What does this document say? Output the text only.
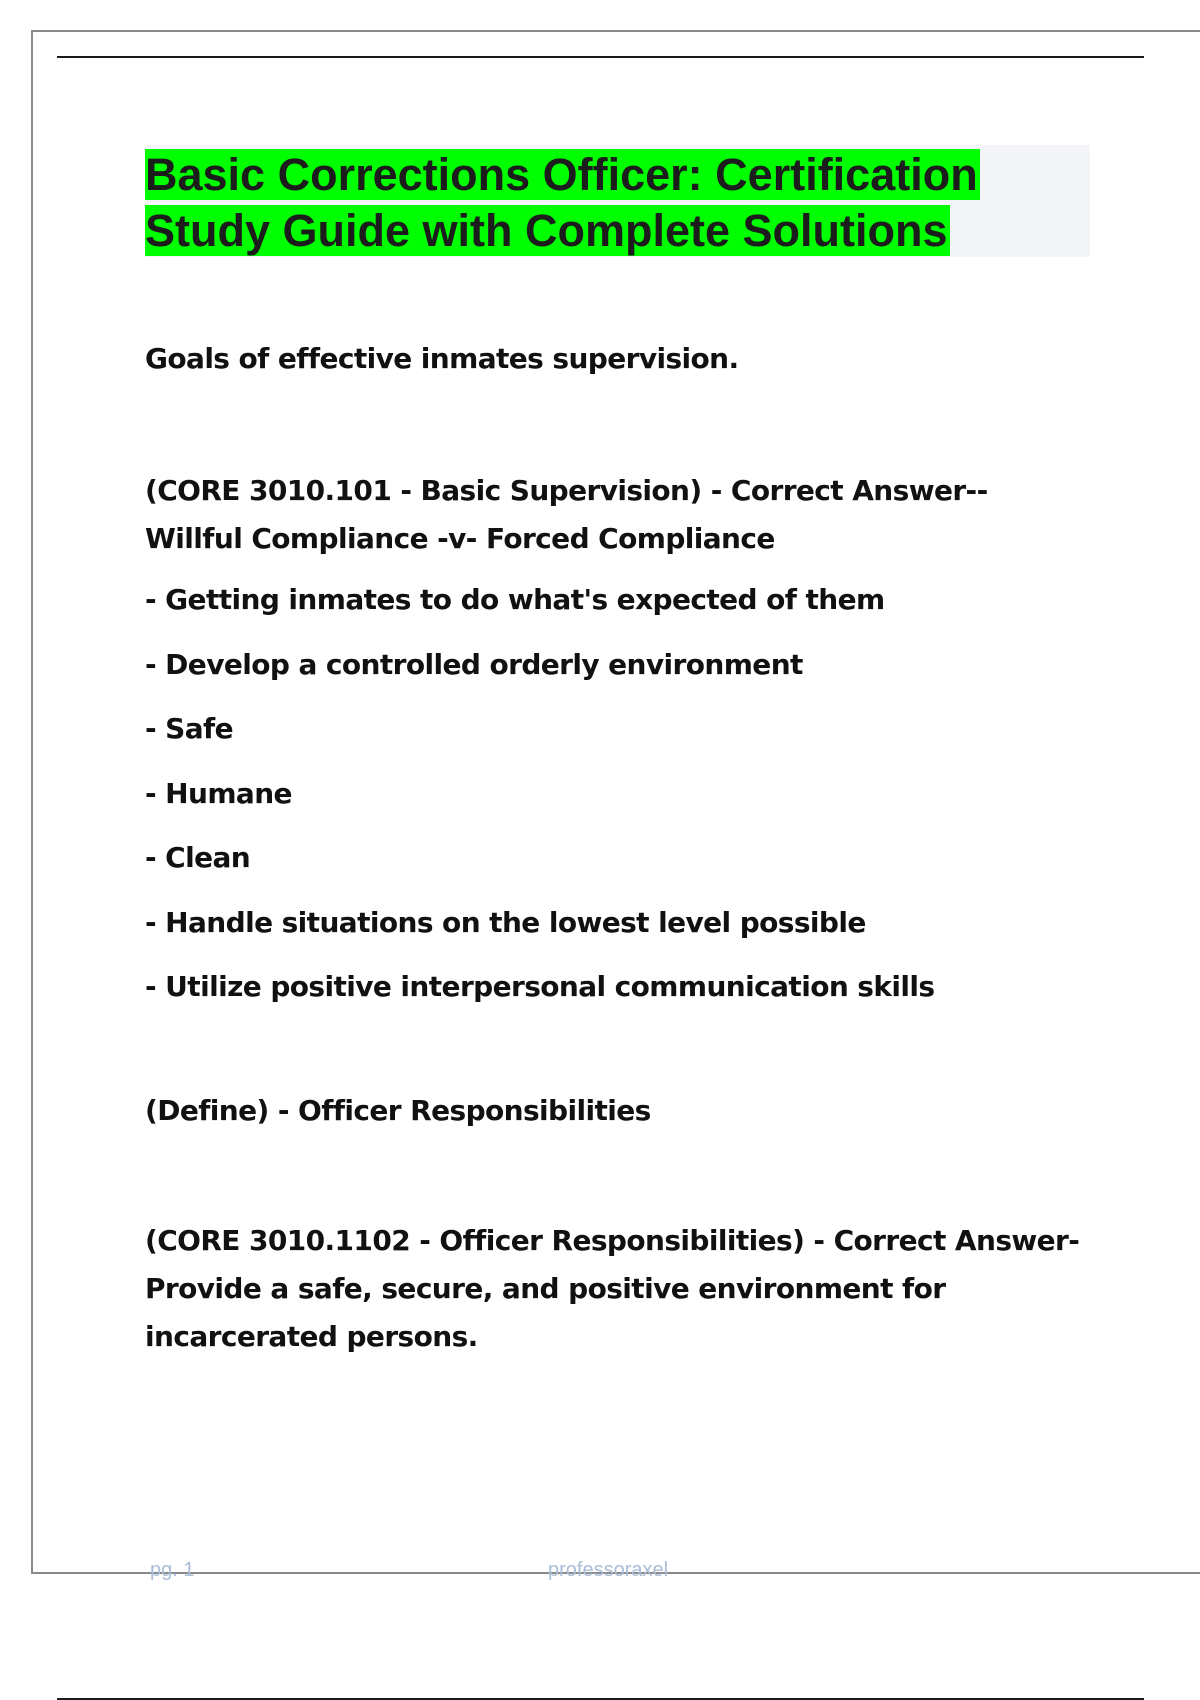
Basic Corrections Officer: Certification
Study Guide with Complete Solutions
Goals of effective inmates supervision.
(CORE 3010.101 - Basic Supervision) - Correct Answer-- Willful Compliance -v- Forced Compliance
- Getting inmates to do what's expected of them
- Develop a controlled orderly environment
- Safe
- Humane
- Clean
- Handle situations on the lowest level possible
- Utilize positive interpersonal communication skills
(Define) - Officer Responsibilities
(CORE 3010.1102 - Officer Responsibilities) - Correct Answer- Provide a safe, secure, and positive environment for incarcerated persons.
pg. 1	professoraxel
